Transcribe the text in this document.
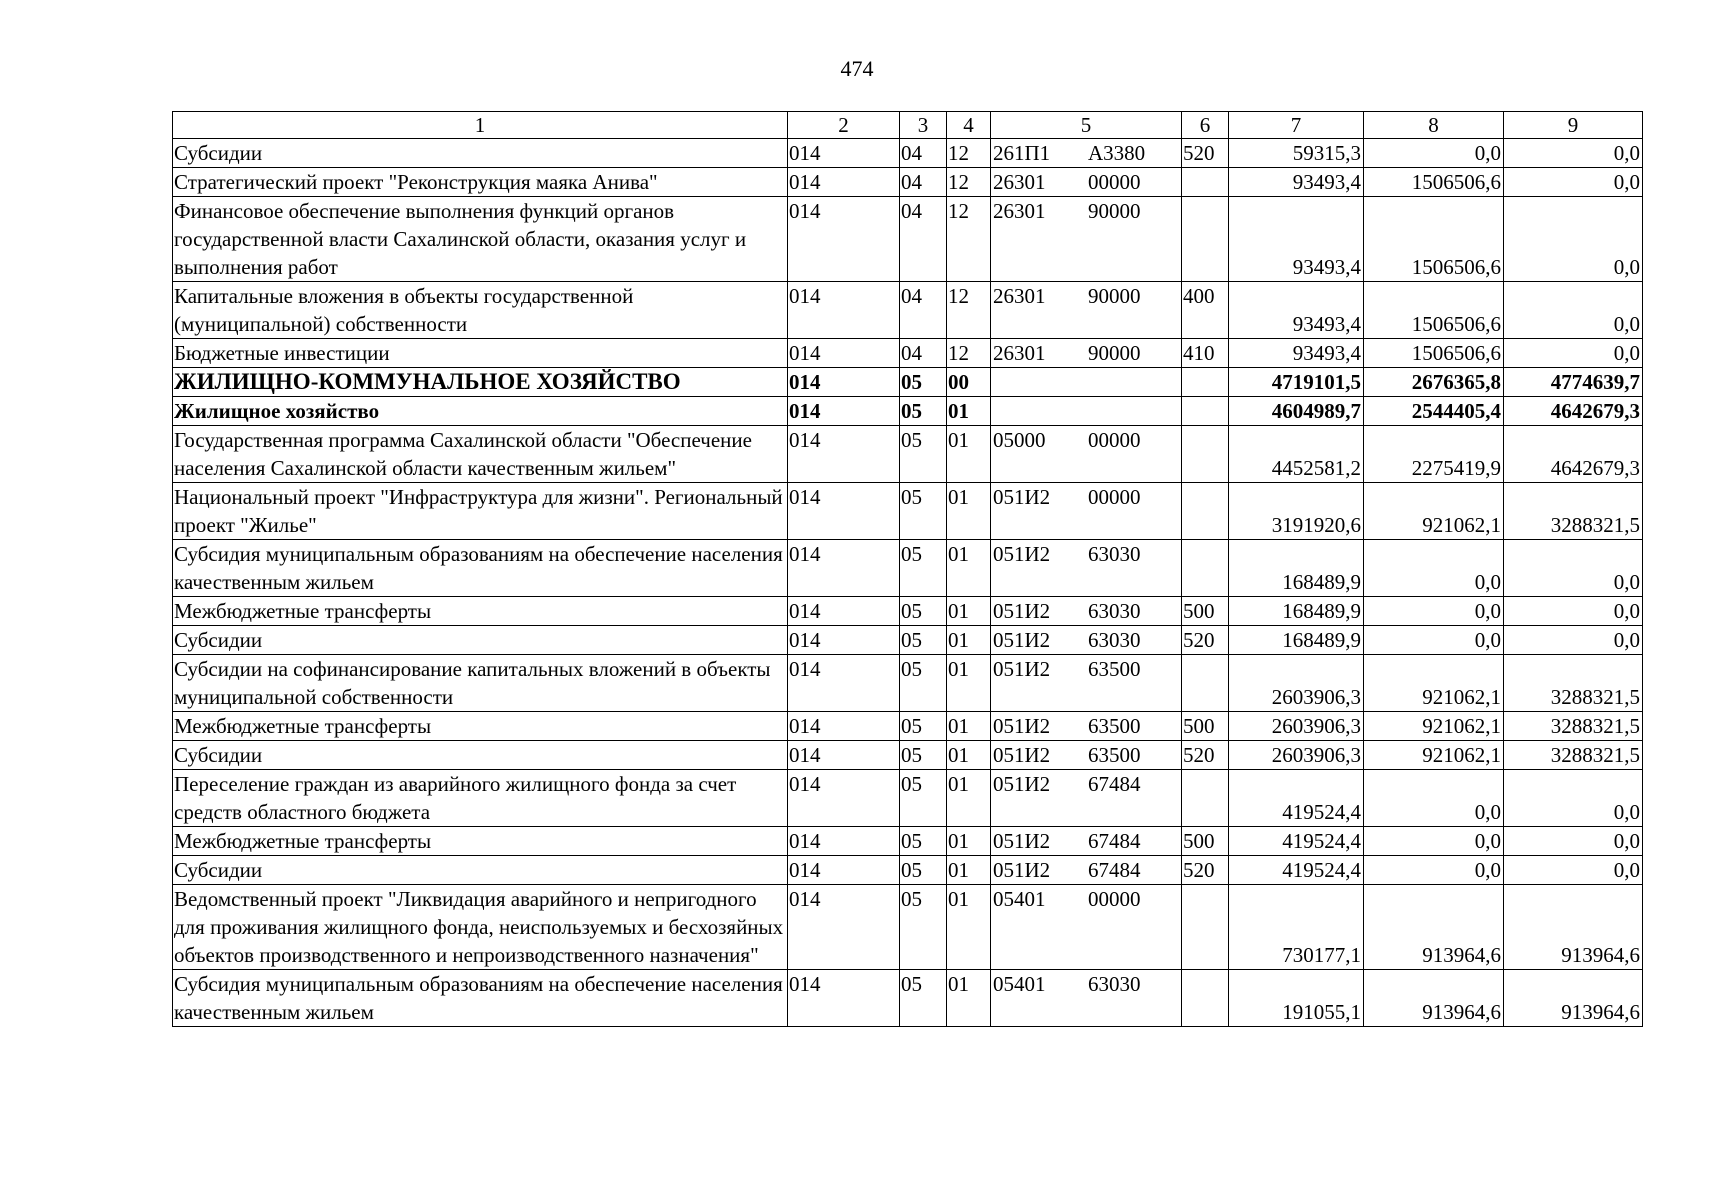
474
1	2	3	4	5	6	7	8	9
Субсидии	014	04	12	261П1 А3380	520	59315,3	0,0	0,0
Стратегический проект "Реконструкция маяка Анива"	014	04	12	26301 00000		93493,4	1506506,6	0,0
Финансовое обеспечение выполнения функций органов государственной власти Сахалинской области, оказания услуг и выполнения работ	014	04	12	26301 90000		93493,4	1506506,6	0,0
Капитальные вложения в объекты государственной (муниципальной) собственности	014	04	12	26301 90000	400	93493,4	1506506,6	0,0
Бюджетные инвестиции	014	04	12	26301 90000	410	93493,4	1506506,6	0,0
ЖИЛИЩНО-КОММУНАЛЬНОЕ ХОЗЯЙСТВО	014	05	00			4719101,5	2676365,8	4774639,7
Жилищное хозяйство	014	05	01			4604989,7	2544405,4	4642679,3
Государственная программа Сахалинской области "Обеспечение населения Сахалинской области качественным жильем"	014	05	01	05000 00000		4452581,2	2275419,9	4642679,3
Национальный проект "Инфраструктура для жизни". Региональный проект "Жилье"	014	05	01	051И2 00000		3191920,6	921062,1	3288321,5
Субсидия муниципальным образованиям на обеспечение населения качественным жильем	014	05	01	051И2 63030		168489,9	0,0	0,0
Межбюджетные трансферты	014	05	01	051И2 63030	500	168489,9	0,0	0,0
Субсидии	014	05	01	051И2 63030	520	168489,9	0,0	0,0
Субсидии на софинансирование капитальных вложений в объекты муниципальной собственности	014	05	01	051И2 63500		2603906,3	921062,1	3288321,5
Межбюджетные трансферты	014	05	01	051И2 63500	500	2603906,3	921062,1	3288321,5
Субсидии	014	05	01	051И2 63500	520	2603906,3	921062,1	3288321,5
Переселение граждан из аварийного жилищного фонда за счет средств областного бюджета	014	05	01	051И2 67484		419524,4	0,0	0,0
Межбюджетные трансферты	014	05	01	051И2 67484	500	419524,4	0,0	0,0
Субсидии	014	05	01	051И2 67484	520	419524,4	0,0	0,0
Ведомственный проект "Ликвидация аварийного и непригодного для проживания жилищного фонда, неиспользуемых и бесхозяйных объектов производственного и непроизводственного назначения"	014	05	01	05401 00000		730177,1	913964,6	913964,6
Субсидия муниципальным образованиям на обеспечение населения качественным жильем	014	05	01	05401 63030		191055,1	913964,6	913964,6
